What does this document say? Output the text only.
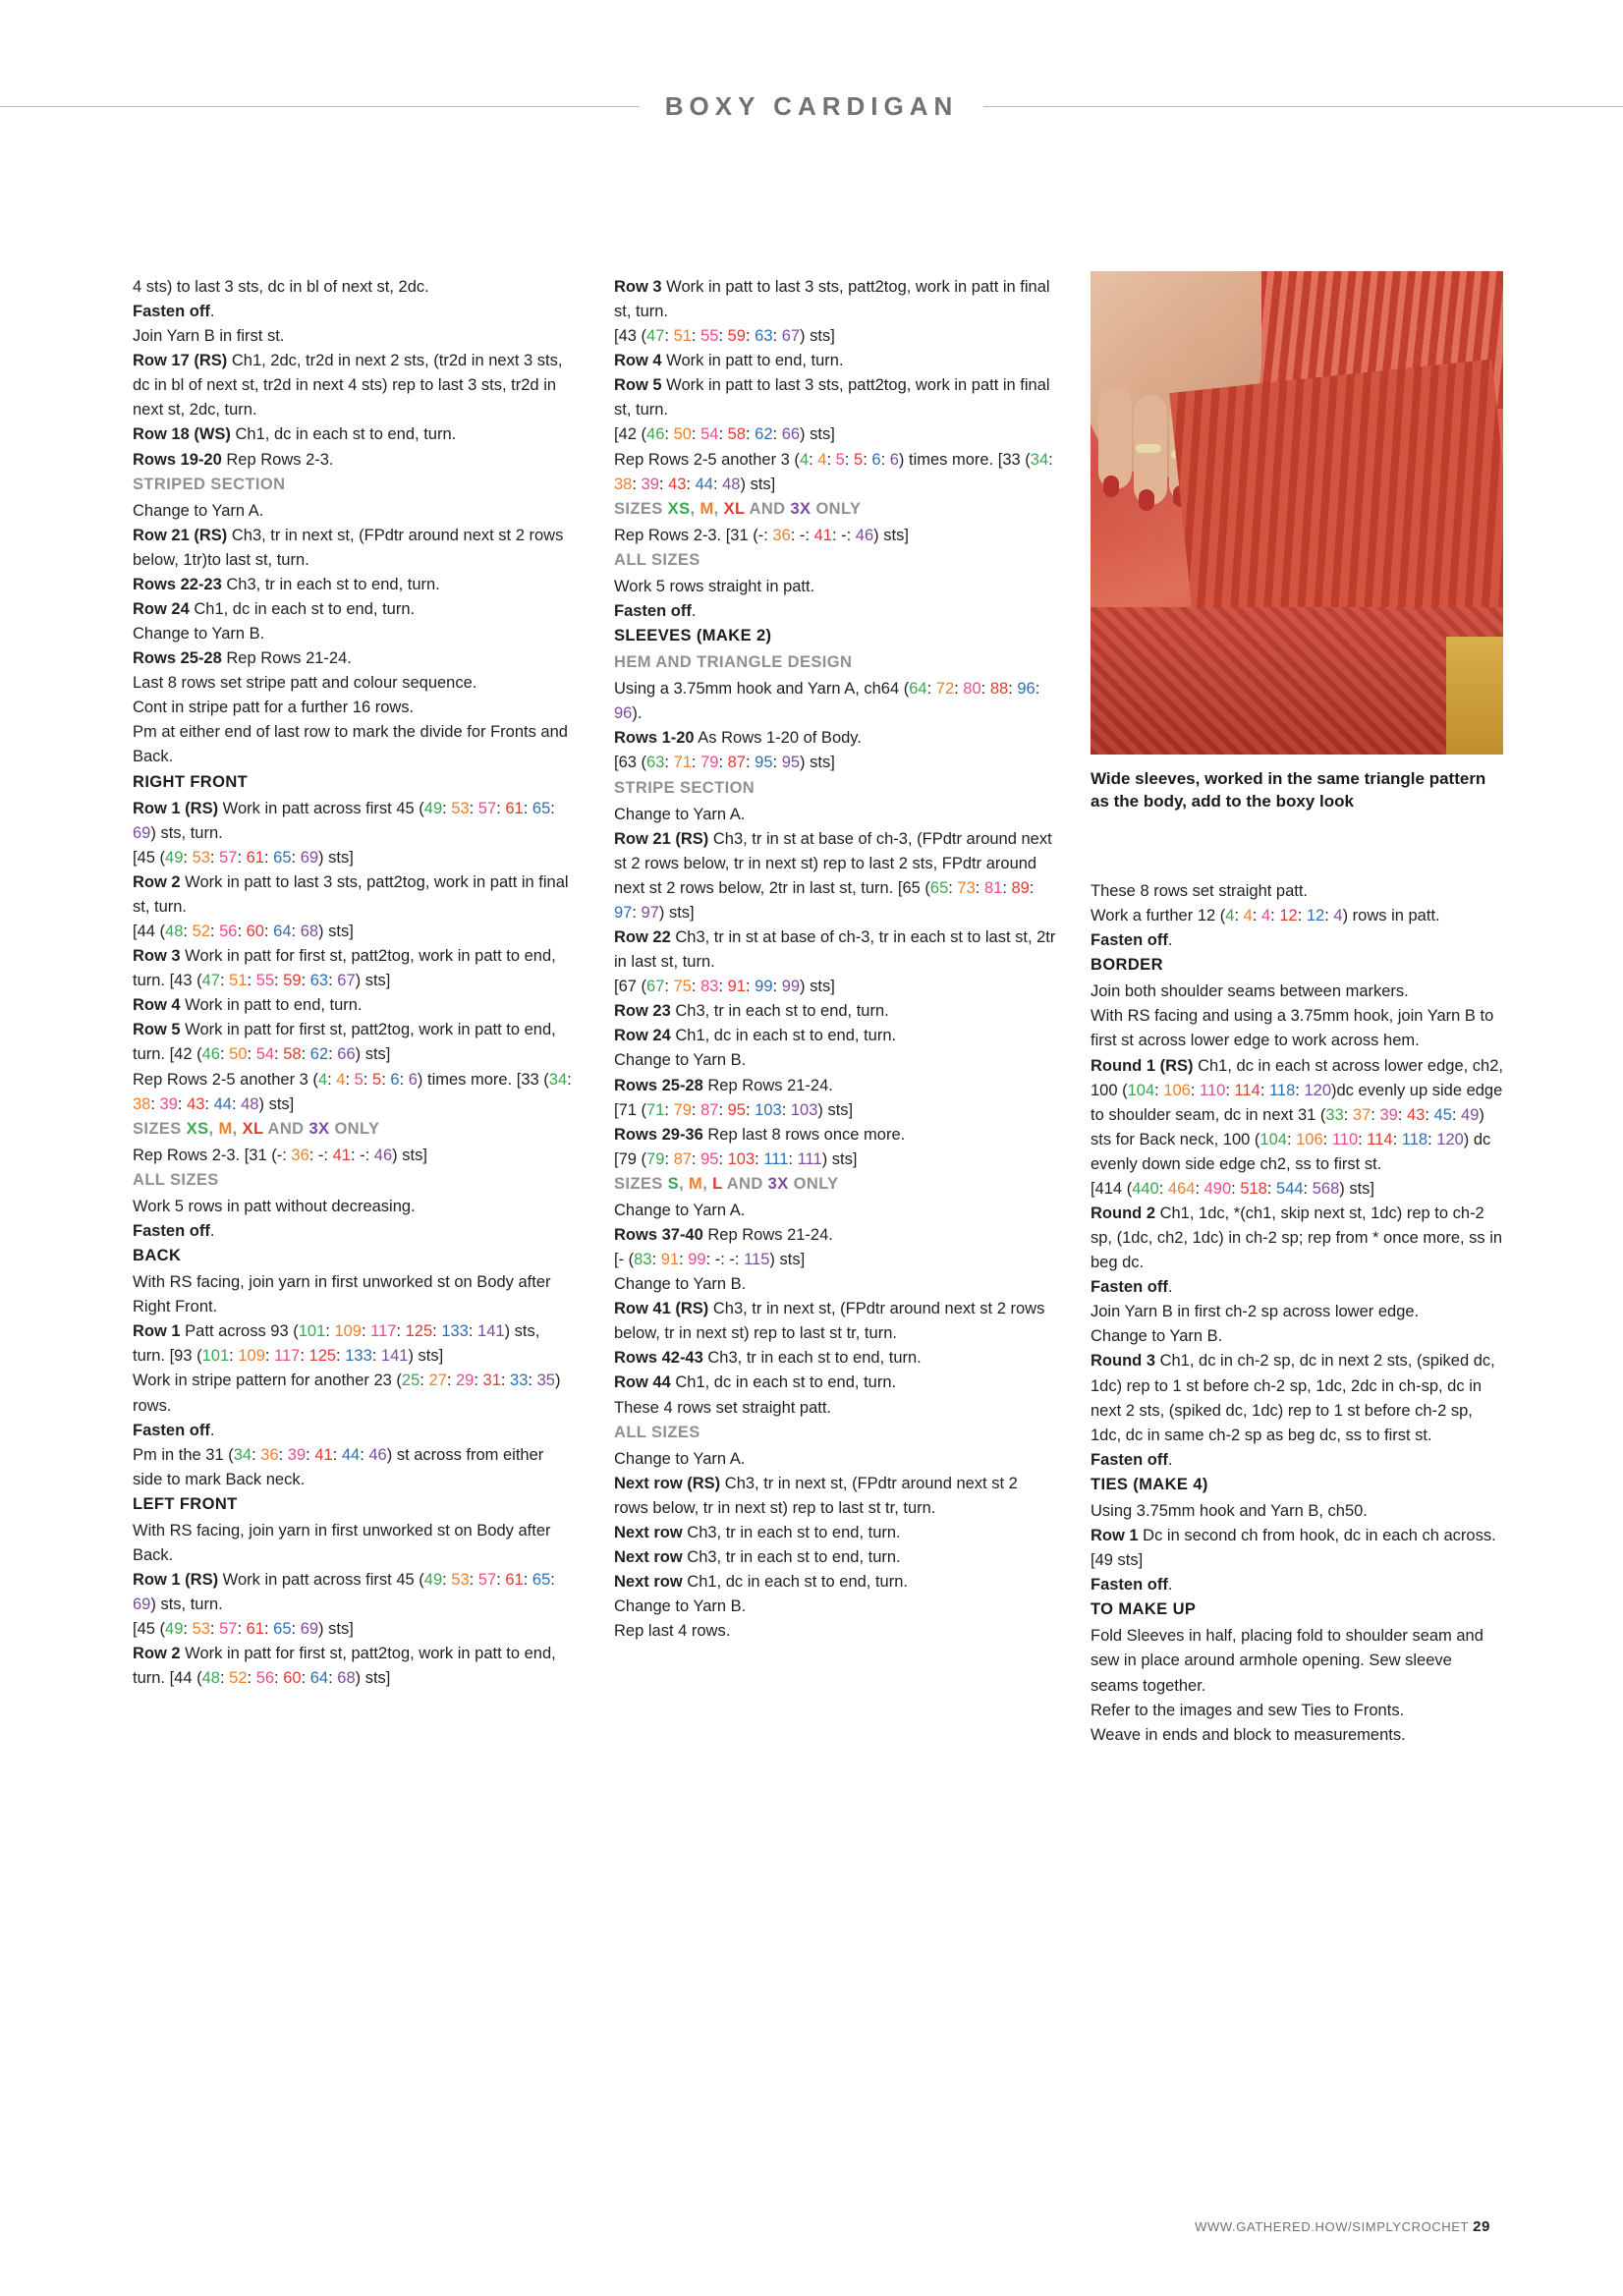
BOXY CARDIGAN
Wide sleeves, worked in the same triangle pattern as the body, add to the boxy look
4 sts) to last 3 sts, dc in bl of next st, 2dc.
Fasten off.
Join Yarn B in first st.
Row 17 (RS) Ch1, 2dc, tr2d in next 2 sts, (tr2d in next 3 sts, dc in bl of next st, tr2d in next 4 sts) rep to last 3 sts, tr2d in next st, 2dc, turn.
Row 18 (WS) Ch1, dc in each st to end, turn.
Rows 19-20 Rep Rows 2-3.
STRIPED SECTION
Change to Yarn A.
Row 21 (RS) Ch3, tr in next st, (FPdtr around next st 2 rows below, 1tr)to last st, turn.
Rows 22-23 Ch3, tr in each st to end, turn.
Row 24 Ch1, dc in each st to end, turn.
Change to Yarn B.
Rows 25-28 Rep Rows 21-24.
Last 8 rows set stripe patt and colour sequence.
Cont in stripe patt for a further 16 rows.
Pm at either end of last row to mark the divide for Fronts and Back.
RIGHT FRONT
Row 1 (RS) Work in patt across first 45 (49: 53: 57: 61: 65: 69) sts, turn.
[45 (49: 53: 57: 61: 65: 69) sts]
Row 2 Work in patt to last 3 sts, patt2tog, work in patt in final st, turn.
[44 (48: 52: 56: 60: 64: 68) sts]
Row 3 Work in patt for first st, patt2tog, work in patt to end, turn. [43 (47: 51: 55: 59: 63: 67) sts]
Row 4 Work in patt to end, turn.
Row 5 Work in patt for first st, patt2tog, work in patt to end, turn. [42 (46: 50: 54: 58: 62: 66) sts]
Rep Rows 2-5 another 3 (4: 4: 5: 5: 6: 6) times more. [33 (34: 38: 39: 43: 44: 48) sts]
SIZES XS, M, XL AND 3X ONLY
Rep Rows 2-3. [31 (-: 36: -: 41: -: 46) sts]
ALL SIZES
Work 5 rows in patt without decreasing.
Fasten off.
BACK
With RS facing, join yarn in first unworked st on Body after Right Front.
Row 1 Patt across 93 (101: 109: 117: 125: 133: 141) sts, turn. [93 (101: 109: 117: 125: 133: 141) sts]
Work in stripe pattern for another 23 (25: 27: 29: 31: 33: 35) rows.
Fasten off.
Pm in the 31 (34: 36: 39: 41: 44: 46) st across from either side to mark Back neck.
LEFT FRONT
With RS facing, join yarn in first unworked st on Body after Back.
Row 1 (RS) Work in patt across first 45 (49: 53: 57: 61: 65: 69) sts, turn.
[45 (49: 53: 57: 61: 65: 69) sts]
Row 2 Work in patt for first st, patt2tog, work in patt to end, turn. [44 (48: 52: 56: 60: 64: 68) sts]
Row 3 Work in patt to last 3 sts, patt2tog, work in patt in final st, turn.
[43 (47: 51: 55: 59: 63: 67) sts]
Row 4 Work in patt to end, turn.
Row 5 Work in patt to last 3 sts, patt2tog, work in patt in final st, turn.
[42 (46: 50: 54: 58: 62: 66) sts]
Rep Rows 2-5 another 3 (4: 4: 5: 5: 6: 6) times more. [33 (34: 38: 39: 43: 44: 48) sts]
SIZES XS, M, XL AND 3X ONLY
Rep Rows 2-3. [31 (-: 36: -: 41: -: 46) sts]
ALL SIZES
Work 5 rows straight in patt.
Fasten off.
SLEEVES (MAKE 2)
HEM AND TRIANGLE DESIGN
Using a 3.75mm hook and Yarn A, ch64 (64: 72: 80: 88: 96: 96).
Rows 1-20 As Rows 1-20 of Body.
[63 (63: 71: 79: 87: 95: 95) sts]
STRIPE SECTION
Change to Yarn A.
Row 21 (RS) Ch3, tr in st at base of ch-3, (FPdtr around next st 2 rows below, tr in next st) rep to last 2 sts, FPdtr around next st 2 rows below, 2tr in last st, turn. [65 (65: 73: 81: 89: 97: 97) sts]
Row 22 Ch3, tr in st at base of ch-3, tr in each st to last st, 2tr in last st, turn.
[67 (67: 75: 83: 91: 99: 99) sts]
Row 23 Ch3, tr in each st to end, turn.
Row 24 Ch1, dc in each st to end, turn.
Change to Yarn B.
Rows 25-28 Rep Rows 21-24.
[71 (71: 79: 87: 95: 103: 103) sts]
Rows 29-36 Rep last 8 rows once more.
[79 (79: 87: 95: 103: 111: 111) sts]
SIZES S, M, L AND 3X ONLY
Change to Yarn A.
Rows 37-40 Rep Rows 21-24.
[- (83: 91: 99: -: -: 115) sts]
Change to Yarn B.
Row 41 (RS) Ch3, tr in next st, (FPdtr around next st 2 rows below, tr in next st) rep to last st tr, turn.
Rows 42-43 Ch3, tr in each st to end, turn.
Row 44 Ch1, dc in each st to end, turn.
These 4 rows set straight patt.
ALL SIZES
Change to Yarn A.
Next row (RS) Ch3, tr in next st, (FPdtr around next st 2 rows below, tr in next st) rep to last st tr, turn.
Next row Ch3, tr in each st to end, turn.
Next row Ch3, tr in each st to end, turn.
Next row Ch1, dc in each st to end, turn.
Change to Yarn B.
Rep last 4 rows.
These 8 rows set straight patt.
Work a further 12 (4: 4: 4: 12: 12: 4) rows in patt.
Fasten off.
BORDER
Join both shoulder seams between markers.
With RS facing and using a 3.75mm hook, join Yarn B to first st across lower edge to work across hem.
Round 1 (RS) Ch1, dc in each st across lower edge, ch2, 100 (104: 106: 110: 114: 118: 120)dc evenly up side edge to shoulder seam, dc in next 31 (33: 37: 39: 43: 45: 49) sts for Back neck, 100 (104: 106: 110: 114: 118: 120) dc evenly down side edge ch2, ss to first st.
[414 (440: 464: 490: 518: 544: 568) sts]
Round 2 Ch1, 1dc, *(ch1, skip next st, 1dc) rep to ch-2 sp, (1dc, ch2, 1dc) in ch-2 sp; rep from * once more, ss in beg dc.
Fasten off.
Join Yarn B in first ch-2 sp across lower edge.
Change to Yarn B.
Round 3 Ch1, dc in ch-2 sp, dc in next 2 sts, (spiked dc, 1dc) rep to 1 st before ch-2 sp, 1dc, 2dc in ch-sp, dc in next 2 sts, (spiked dc, 1dc) rep to 1 st before ch-2 sp, 1dc, dc in same ch-2 sp as beg dc, ss to first st.
Fasten off.
TIES (MAKE 4)
Using 3.75mm hook and Yarn B, ch50.
Row 1 Dc in second ch from hook, dc in each ch across. [49 sts]
Fasten off.
TO MAKE UP
Fold Sleeves in half, placing fold to shoulder seam and sew in place around armhole opening. Sew sleeve seams together.
Refer to the images and sew Ties to Fronts.
Weave in ends and block to measurements.
WWW.GATHERED.HOW/SIMPLYCROCHET 29
